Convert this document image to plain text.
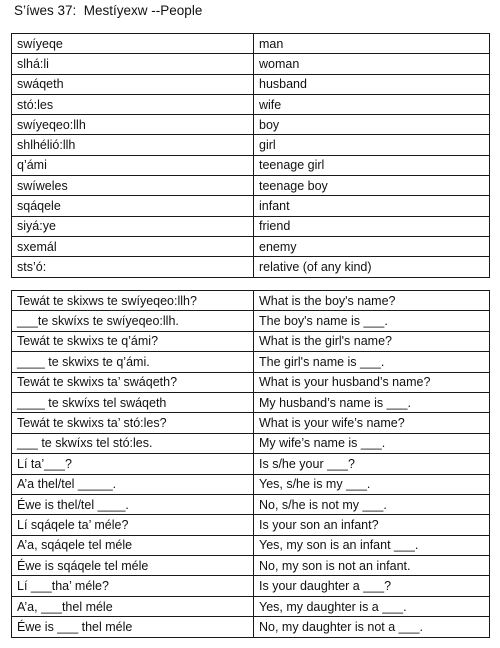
S’íwes 37:  Mestíyexw --People
swíyeqe	man
slhá:li	woman
swáqeth	husband
stó:les	wife
swíyeqeo:llh	boy
shlhélió:llh	girl
q’ámi	teenage girl
swíweles	teenage boy
sqáqele	infant
siyá:ye	friend
sxemál	enemy
sts’ó:	relative (of any kind)
Tewát te skixws te swíyeqeo:llh?	What is the boy's name?
___te skwíxs te swíyeqeo:llh.	The boy's name is ___.
Tewát te skwixs te q’ámi?	What is the girl's name?
____ te skwixs te q’ámi.	The girl's name is ___.
Tewát te skwixs ta’ swáqeth?	What is your husband’s name?
____ te skwíxs tel swáqeth	My husband’s name is ___.
Tewát te skwixs ta’ stó:les?	What is your wife’s name?
___ te skwíxs tel stó:les.	My wife’s name is ___.
Lí ta’___?	Is s/he your ___?
A’a thel/tel _____.	Yes, s/he is my ___.
Éwe is thel/tel ____.	No, s/he is not my ___.
Lí sqáqele ta’ méle?	Is your son an infant?
A’a, sqáqele tel méle	Yes, my son is an infant ___.
Éwe is sqáqele tel méle	No, my son is not an infant.
Lí ___tha’ méle?	Is your daughter a ___?
A’a, ___thel méle	Yes, my daughter is a ___.
Éwe is ___ thel méle	No, my daughter is not a ___.
